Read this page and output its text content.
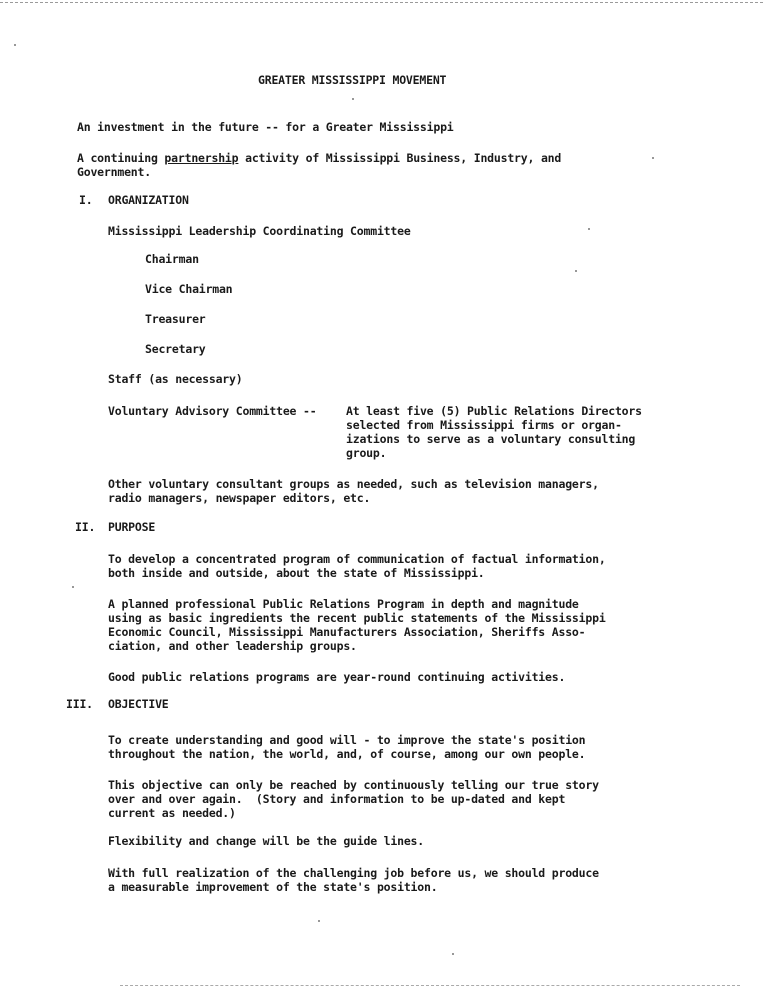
GREATER MISSISSIPPI MOVEMENT
An investment in the future -- for a Greater Mississippi
A continuing partnership activity of Mississippi Business, Industry, and
Government.
I. ORGANIZATION
Mississippi Leadership Coordinating Committee
Chairman
Vice Chairman
Treasurer
Secretary
Staff (as necessary)
Voluntary Advisory Committee --	At least five (5) Public Relations Directors
selected from Mississippi firms or organ-
izations to serve as a voluntary consulting
group.
Other voluntary consultant groups as needed, such as television managers,
radio managers, newspaper editors, etc.
II. PURPOSE
To develop a concentrated program of communication of factual information,
both inside and outside, about the state of Mississippi.
A planned professional Public Relations Program in depth and magnitude
using as basic ingredients the recent public statements of the Mississippi
Economic Council, Mississippi Manufacturers Association, Sheriffs Asso-
ciation, and other leadership groups.
Good public relations programs are year-round continuing activities.
III. OBJECTIVE
To create understanding and good will - to improve the state's position
throughout the nation, the world, and, of course, among our own people.
This objective can only be reached by continuously telling our true story
over and over again.  (Story and information to be up-dated and kept
current as needed.)
Flexibility and change will be the guide lines.
With full realization of the challenging job before us, we should produce
a measurable improvement of the state's position.
